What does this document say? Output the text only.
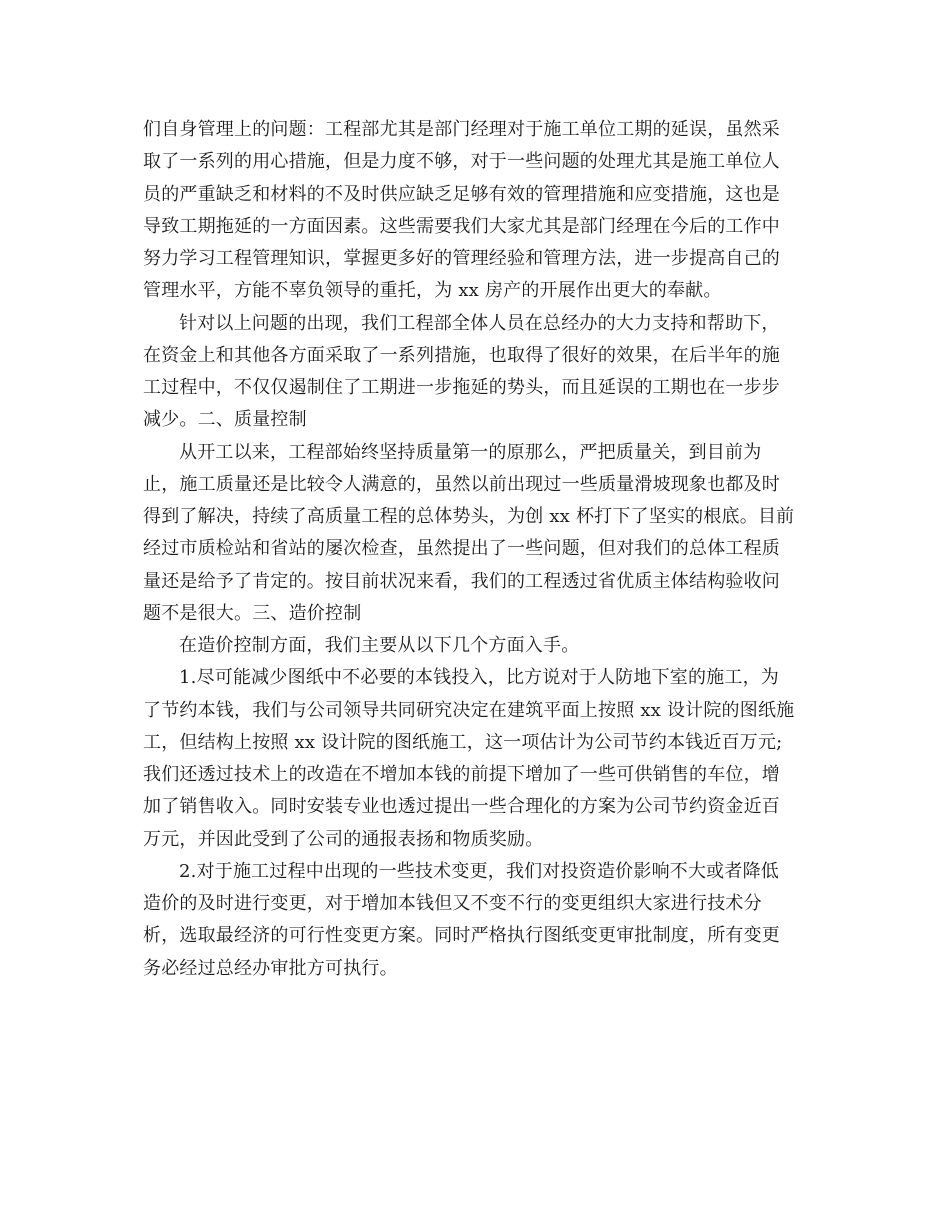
们自身管理上的问题：工程部尤其是部门经理对于施工单位工期的延误，虽然采
取了一系列的用心措施，但是力度不够，对于一些问题的处理尤其是施工单位人
员的严重缺乏和材料的不及时供应缺乏足够有效的管理措施和应变措施，这也是
导致工期拖延的一方面因素。这些需要我们大家尤其是部门经理在今后的工作中
努力学习工程管理知识，掌握更多好的管理经验和管理方法，进一步提高自己的
管理水平，方能不辜负领导的重托，为 xx 房产的开展作出更大的奉献。
针对以上问题的出现，我们工程部全体人员在总经办的大力支持和帮助下，
在资金上和其他各方面采取了一系列措施，也取得了很好的效果，在后半年的施
工过程中，不仅仅遏制住了工期进一步拖延的势头，而且延误的工期也在一步步
减少。二、质量控制
从开工以来，工程部始终坚持质量第一的原那么，严把质量关，到目前为
止，施工质量还是比较令人满意的，虽然以前出现过一些质量滑坡现象也都及时
得到了解决，持续了高质量工程的总体势头，为创 xx 杯打下了坚实的根底。目前
经过市质检站和省站的屡次检查，虽然提出了一些问题，但对我们的总体工程质
量还是给予了肯定的。按目前状况来看，我们的工程透过省优质主体结构验收问
题不是很大。三、造价控制
在造价控制方面，我们主要从以下几个方面入手。
1.尽可能减少图纸中不必要的本钱投入，比方说对于人防地下室的施工，为
了节约本钱，我们与公司领导共同研究决定在建筑平面上按照 xx 设计院的图纸施
工，但结构上按照 xx 设计院的图纸施工，这一项估计为公司节约本钱近百万元;
我们还透过技术上的改造在不增加本钱的前提下增加了一些可供销售的车位，增
加了销售收入。同时安装专业也透过提出一些合理化的方案为公司节约资金近百
万元，并因此受到了公司的通报表扬和物质奖励。
2.对于施工过程中出现的一些技术变更，我们对投资造价影响不大或者降低
造价的及时进行变更，对于增加本钱但又不变不行的变更组织大家进行技术分
析，选取最经济的可行性变更方案。同时严格执行图纸变更审批制度，所有变更
务必经过总经办审批方可执行。
